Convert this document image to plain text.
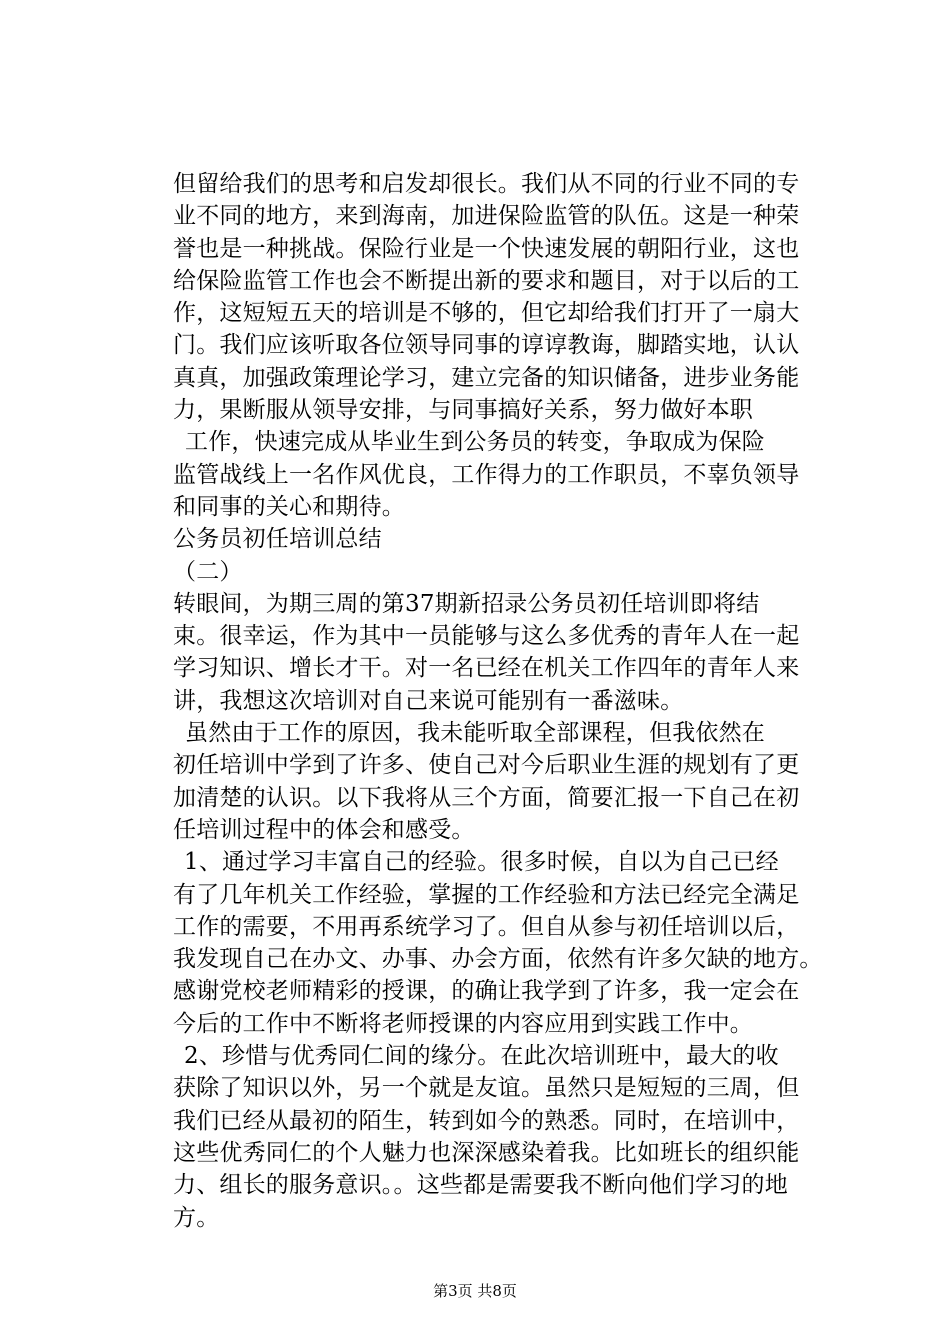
但留给我们的思考和启发却很长。我们从不同的行业不同的专
业不同的地方，来到海南，加进保险监管的队伍。这是一种荣
誉也是一种挑战。保险行业是一个快速发展的朝阳行业，这也
给保险监管工作也会不断提出新的要求和题目，对于以后的工
作，这短短五天的培训是不够的，但它却给我们打开了一扇大
门。我们应该听取各位领导同事的谆谆教诲，脚踏实地，认认
真真，加强政策理论学习，建立完备的知识储备，进步业务能
力，果断服从领导安排，与同事搞好关系，努力做好本职
工作，快速完成从毕业生到公务员的转变，争取成为保险
监管战线上一名作风优良，工作得力的工作职员，不辜负领导
和同事的关心和期待。
公务员初任培训总结
（二）
转眼间，为期三周的第37期新招录公务员初任培训即将结
束。很幸运，作为其中一员能够与这么多优秀的青年人在一起
学习知识、增长才干。对一名已经在机关工作四年的青年人来
讲，我想这次培训对自己来说可能别有一番滋味。
虽然由于工作的原因，我未能听取全部课程，但我依然在
初任培训中学到了许多、使自己对今后职业生涯的规划有了更
加清楚的认识。以下我将从三个方面，简要汇报一下自己在初
任培训过程中的体会和感受。
1、通过学习丰富自己的经验。很多时候，自以为自己已经
有了几年机关工作经验，掌握的工作经验和方法已经完全满足
工作的需要，不用再系统学习了。但自从参与初任培训以后，
我发现自己在办文、办事、办会方面，依然有许多欠缺的地方。
感谢党校老师精彩的授课，的确让我学到了许多，我一定会在
今后的工作中不断将老师授课的内容应用到实践工作中。
2、珍惜与优秀同仁间的缘分。在此次培训班中，最大的收
获除了知识以外，另一个就是友谊。虽然只是短短的三周，但
我们已经从最初的陌生，转到如今的熟悉。同时，在培训中，
这些优秀同仁的个人魅力也深深感染着我。比如班长的组织能
力、组长的服务意识。。这些都是需要我不断向他们学习的地
方。
第3页 共8页
